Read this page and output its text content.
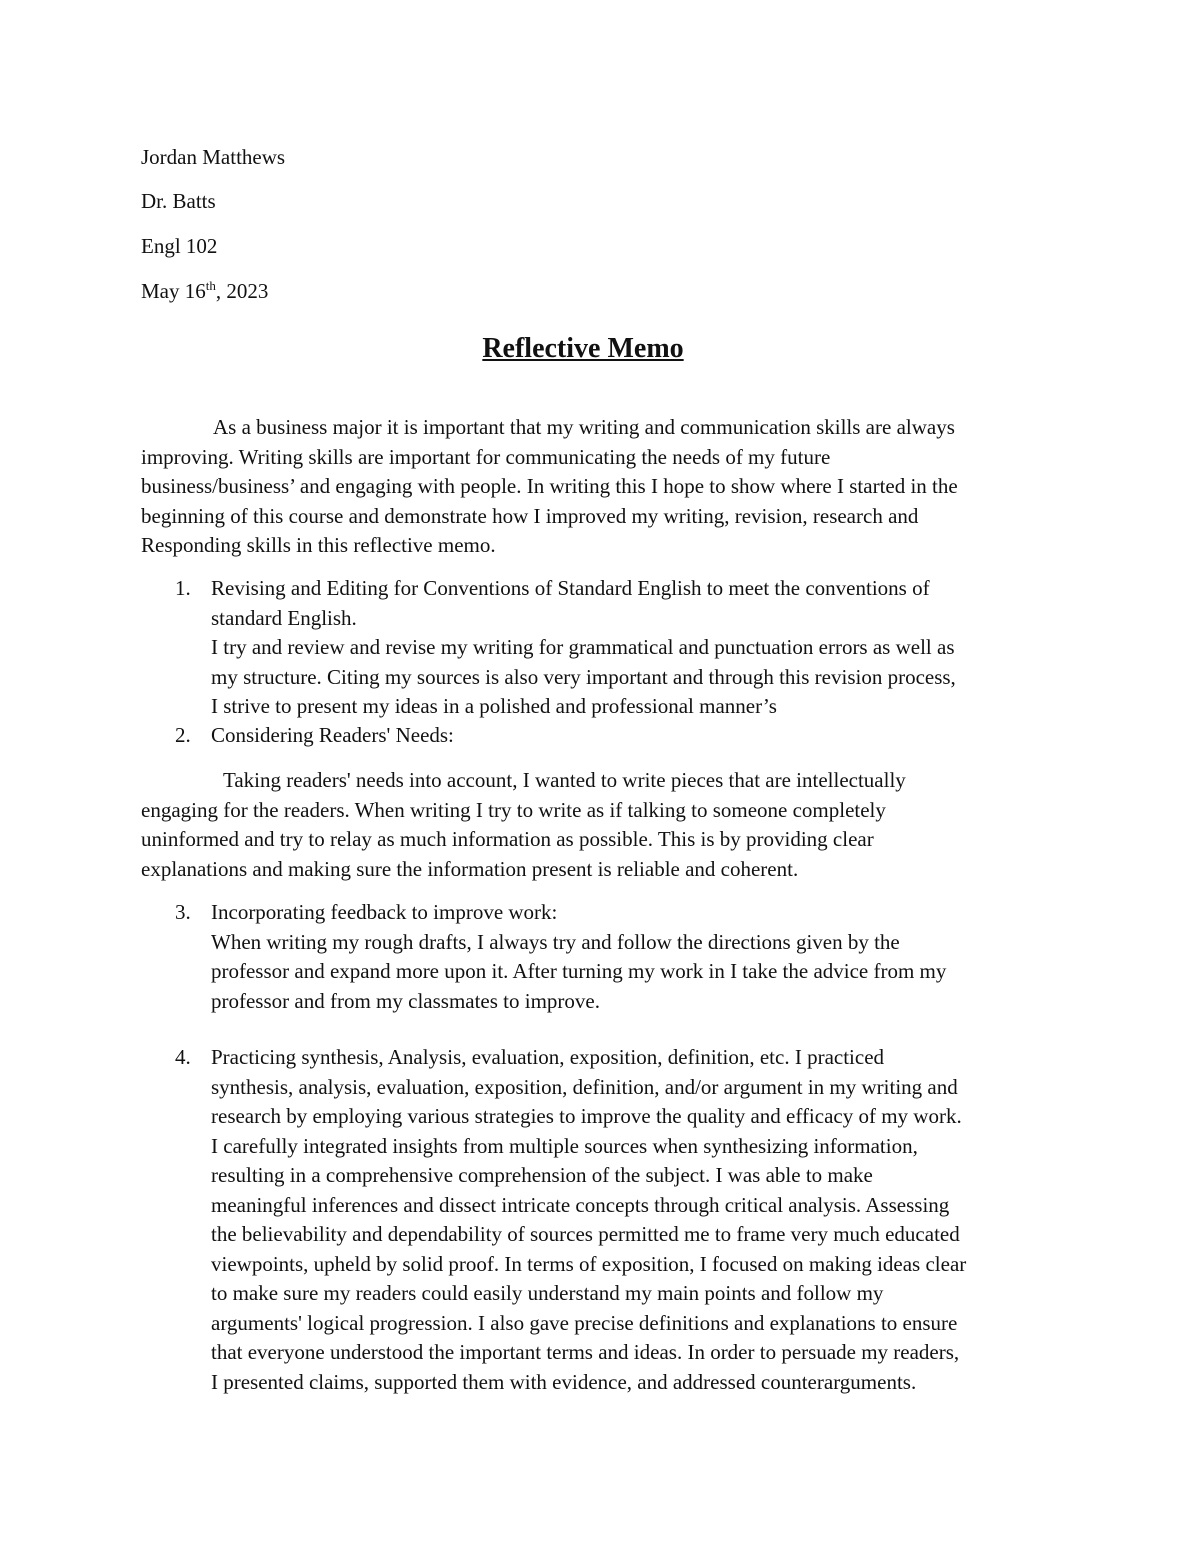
Jordan Matthews

Dr. Batts

Engl 102

May 16th, 2023

Reflective Memo
As a business major it is important that my writing and communication skills are always
improving. Writing skills are important for communicating the needs of my future
business/business’ and engaging with people. In writing this I hope to show where I started in the
beginning of this course and demonstrate how I improved my writing, revision, research and
Responding skills in this reflective memo.

1. Revising and Editing for Conventions of Standard English to meet the conventions of
standard English.
I try and review and revise my writing for grammatical and punctuation errors as well as
my structure. Citing my sources is also very important and through this revision process,
I strive to present my ideas in a polished and professional manner’s

2. Considering Readers' Needs:
Taking readers' needs into account, I wanted to write pieces that are intellectually
engaging for the readers. When writing I try to write as if talking to someone completely
uninformed and try to relay as much information as possible. This is by providing clear
explanations and making sure the information present is reliable and coherent.

3. Incorporating feedback to improve work:
When writing my rough drafts, I always try and follow the directions given by the
professor and expand more upon it. After turning my work in I take the advice from my
professor and from my classmates to improve.

4. Practicing synthesis, Analysis, evaluation, exposition, definition, etc. I practiced
synthesis, analysis, evaluation, exposition, definition, and/or argument in my writing and
research by employing various strategies to improve the quality and efficacy of my work.
I carefully integrated insights from multiple sources when synthesizing information,
resulting in a comprehensive comprehension of the subject. I was able to make
meaningful inferences and dissect intricate concepts through critical analysis. Assessing
the believability and dependability of sources permitted me to frame very much educated
viewpoints, upheld by solid proof. In terms of exposition, I focused on making ideas clear
to make sure my readers could easily understand my main points and follow my
arguments' logical progression. I also gave precise definitions and explanations to ensure
that everyone understood the important terms and ideas. In order to persuade my readers,
I presented claims, supported them with evidence, and addressed counterarguments.
